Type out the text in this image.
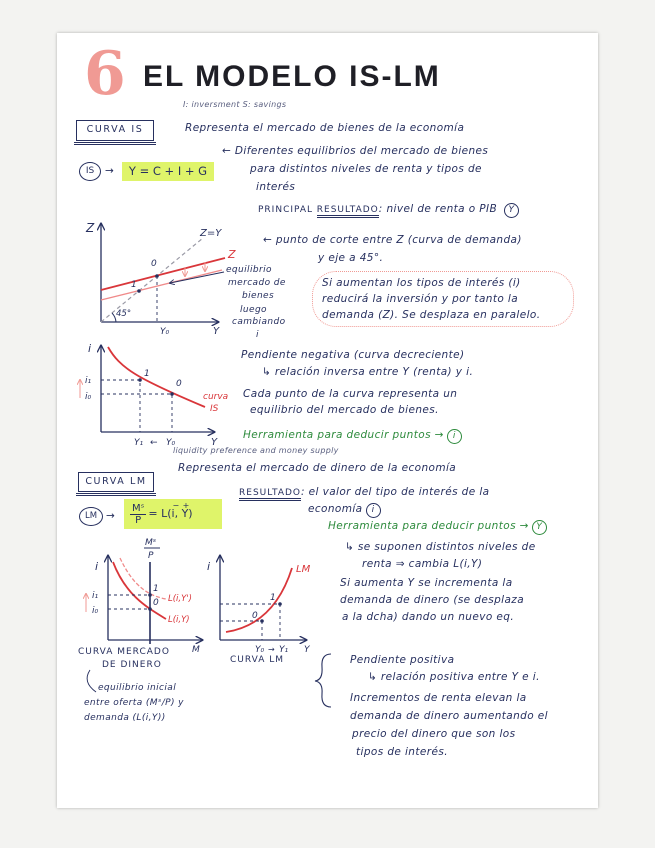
Z	Z=Y
Z
0
1
45°
Y₀	Y
i
i₁
i₀
1
0
curva
IS
Y₁ ← Y₀	Y
i
Mˢ
P
i₁
i₀
1
0 L(i,Y')
L(i,Y)
M
i	LM
1
0
Y₀ → Y₁ Y
6 EL MODELO IS-LM
I: inversment S: savings
CURVA IS	Representa el mercado de bienes de la economía
IS	→	Y = C + I + G
← Diferentes equilibrios del mercado de bienes
para distintos niveles de renta y tipos de
interés
PRINCIPAL RESULTADO: nivel de renta o PIB Y
equilibrio
mercado de
bienes
luego
cambiando
i
← punto de corte entre Z (curva de demanda)
y eje a 45°.
Si aumentan los tipos de interés (i)
reducirá la inversión y por tanto la
demanda (Z). Se desplaza en paralelo.
Pendiente negativa (curva decreciente)
↳ relación inversa entre Y (renta) y i.
Cada punto de la curva representa un
equilibrio del mercado de bienes.
Herramienta para deducir puntos → i
liquidity preference and money supply
CURVA LM
Representa el mercado de dinero de la economía
LM → $\frac{\text{Mˢ}}{P} = L$(
−
i,
+
Y)
RESULTADO: el valor del tipo de interés de la
economía i
Herramienta para deducir puntos → Y
↳ se suponen distintos niveles de
renta ⇒ cambia L(i,Y)
Si aumenta Y se incrementa la
demanda de dinero (se desplaza
a la dcha) dando un nuevo eq.
CURVA MERCADO
DE DINERO	CURVA LM
equilibrio inicial
entre oferta (Mˢ/P) y
demanda (L(i,Y))
Pendiente positiva
↳ relación positiva entre Y e i.
Incrementos de renta elevan la
demanda de dinero aumentando el
precio del dinero que son los
tipos de interés.
